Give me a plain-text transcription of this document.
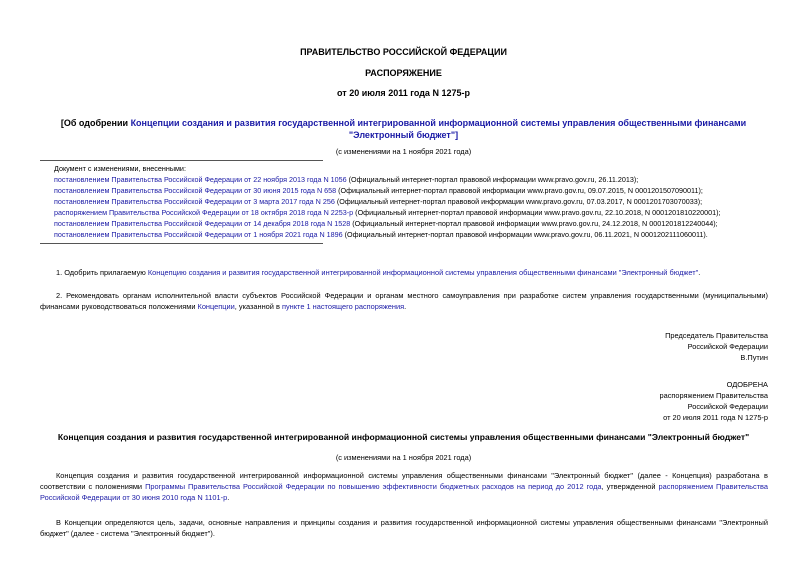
ПРАВИТЕЛЬСТВО РОССИЙСКОЙ ФЕДЕРАЦИИ
РАСПОРЯЖЕНИЕ
от 20 июля 2011 года N 1275-р
[Об одобрении Концепции создания и развития государственной интегрированной информационной системы управления общественными финансами
"Электронный бюджет"]
(с изменениями на 1 ноября 2021 года)
Документ с изменениями, внесенными:
постановлением Правительства Российской Федерации от 22 ноября 2013 года N 1056 (Официальный интернет-портал правовой информации www.pravo.gov.ru, 26.11.2013);
постановлением Правительства Российской Федерации от 30 июня 2015 года N 658 (Официальный интернет-портал правовой информации www.pravo.gov.ru, 09.07.2015, N 0001201507090011);
постановлением Правительства Российской Федерации от 3 марта 2017 года N 256 (Официальный интернет-портал правовой информации www.pravo.gov.ru, 07.03.2017, N 0001201703070033);
распоряжением Правительства Российской Федерации от 18 октября 2018 года N 2253-р (Официальный интернет-портал правовой информации www.pravo.gov.ru, 22.10.2018, N 0001201810220001);
постановлением Правительства Российской Федерации от 14 декабря 2018 года N 1528 (Официальный интернет-портал правовой информации www.pravo.gov.ru, 24.12.2018, N 0001201812240044);
постановлением Правительства Российской Федерации от 1 ноября 2021 года N 1896 (Официальный интернет-портал правовой информации www.pravo.gov.ru, 06.11.2021, N 0001202111060011).
1. Одобрить прилагаемую Концепцию создания и развития государственной интегрированной информационной системы управления общественными финансами "Электронный бюджет".
2. Рекомендовать органам исполнительной власти субъектов Российской Федерации и органам местного самоуправления при разработке систем управления государственными (муниципальными) финансами руководствоваться положениями Концепции, указанной в пункте 1 настоящего распоряжения.
Председатель Правительства
Российской Федерации
В.Путин
ОДОБРЕНА
распоряжением Правительства
Российской Федерации
от 20 июля 2011 года N 1275-р
Концепция создания и развития государственной интегрированной информационной системы управления общественными финансами "Электронный бюджет"
(с изменениями на 1 ноября 2021 года)
Концепция создания и развития государственной интегрированной информационной системы управления общественными финансами "Электронный бюджет" (далее - Концепция) разработана в соответствии с положениями Программы Правительства Российской Федерации по повышению эффективности бюджетных расходов на период до 2012 года, утвержденной распоряжением Правительства Российской Федерации от 30 июня 2010 года N 1101-р.
В Концепции определяются цель, задачи, основные направления и принципы создания и развития государственной информационной системы управления общественными финансами "Электронный бюджет" (далее - система "Электронный бюджет").
